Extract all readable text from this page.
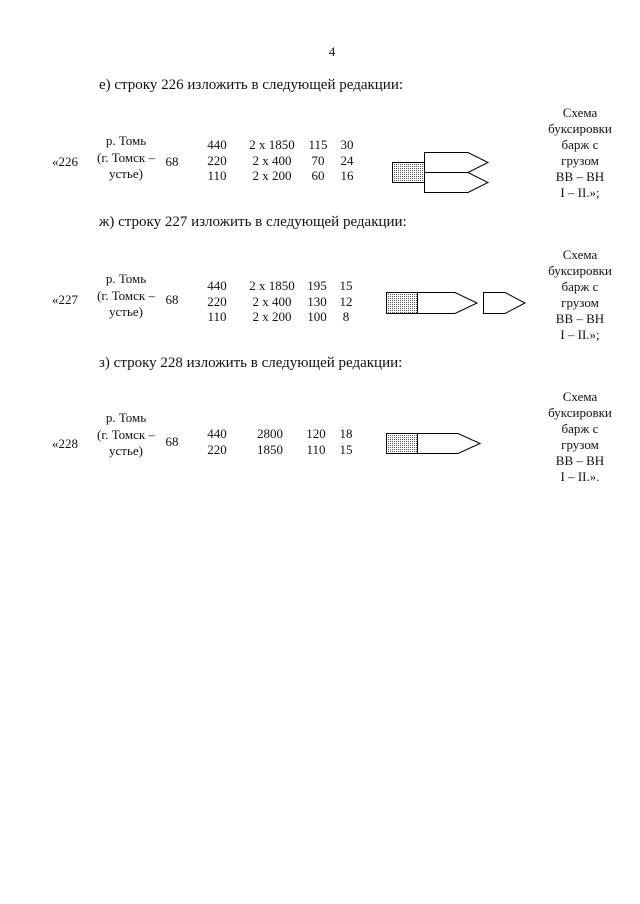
4
е) строку 226 изложить в следующей редакции:
«226
р. Томь
(г. Томск –
устье)
68
440
220
110
2 x 1850
2 x 400
2 x 200
115
70
60
30
24
16
Схема
буксировки
барж с
грузом
ВВ – ВН
I – II.»;
ж) строку 227 изложить в следующей редакции:
«227
р. Томь
(г. Томск –
устье)
68
440
220
110
2 x 1850
2 x 400
2 x 200
195
130
100
15
12
8
Схема
буксировки
барж с
грузом
ВВ – ВН
I – II.»;
з) строку 228 изложить в следующей редакции:
«228
р. Томь
(г. Томск –
устье)
68
440
220
2800
1850
120
110
18
15
Схема
буксировки
барж с
грузом
ВВ – ВН
I – II.».
